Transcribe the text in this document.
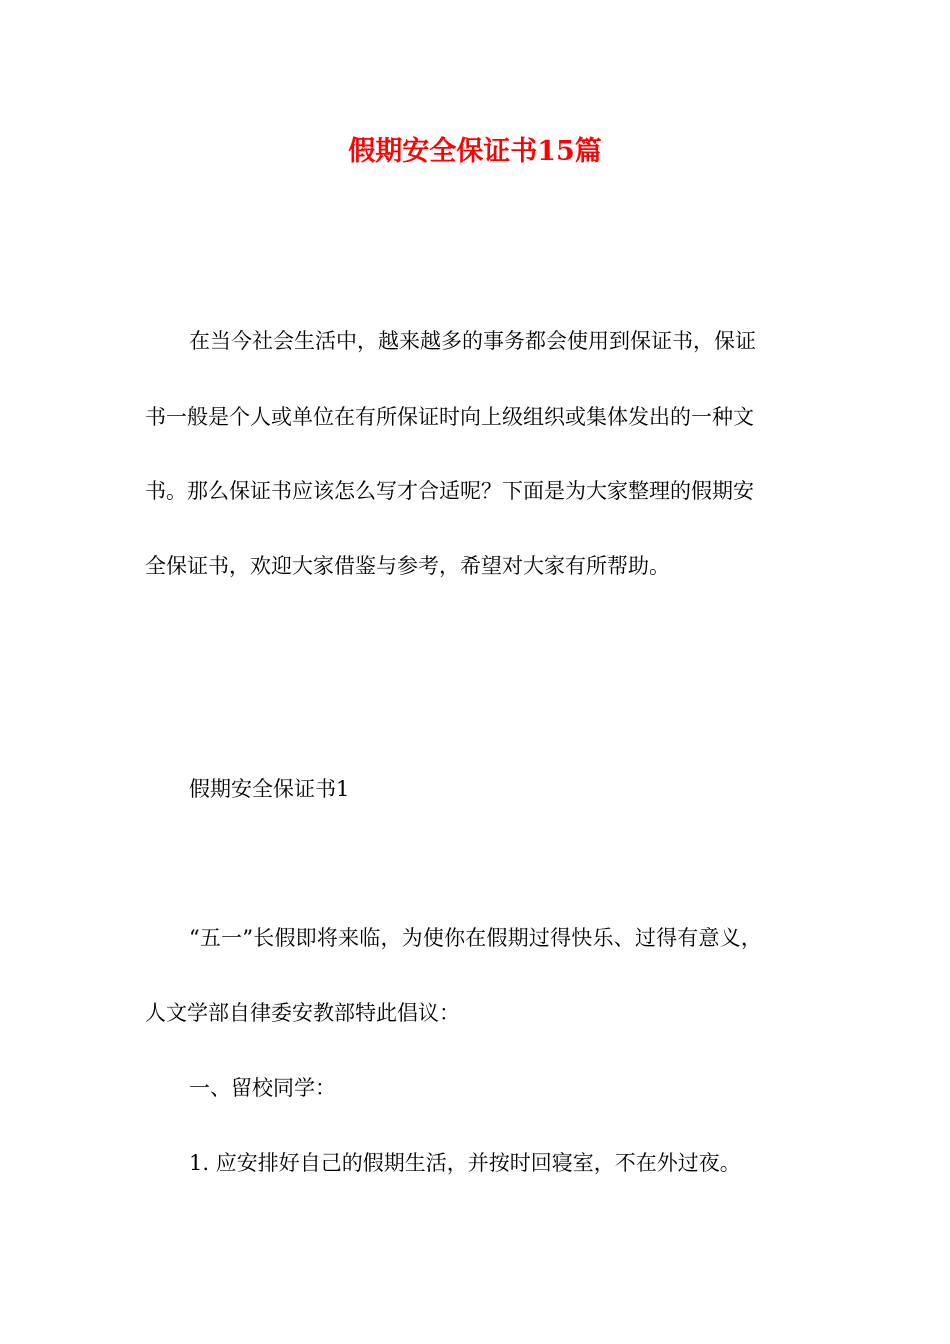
假期安全保证书15篇
在当今社会生活中，越来越多的事务都会使用到保证书，保证
书一般是个人或单位在有所保证时向上级组织或集体发出的一种文
书。那么保证书应该怎么写才合适呢？下面是为大家整理的假期安
全保证书，欢迎大家借鉴与参考，希望对大家有所帮助。
假期安全保证书1
“五一”长假即将来临，为使你在假期过得快乐、过得有意义，
人文学部自律委安教部特此倡议：
一、留校同学：
1. 应安排好自己的假期生活，并按时回寝室，不在外过夜。
